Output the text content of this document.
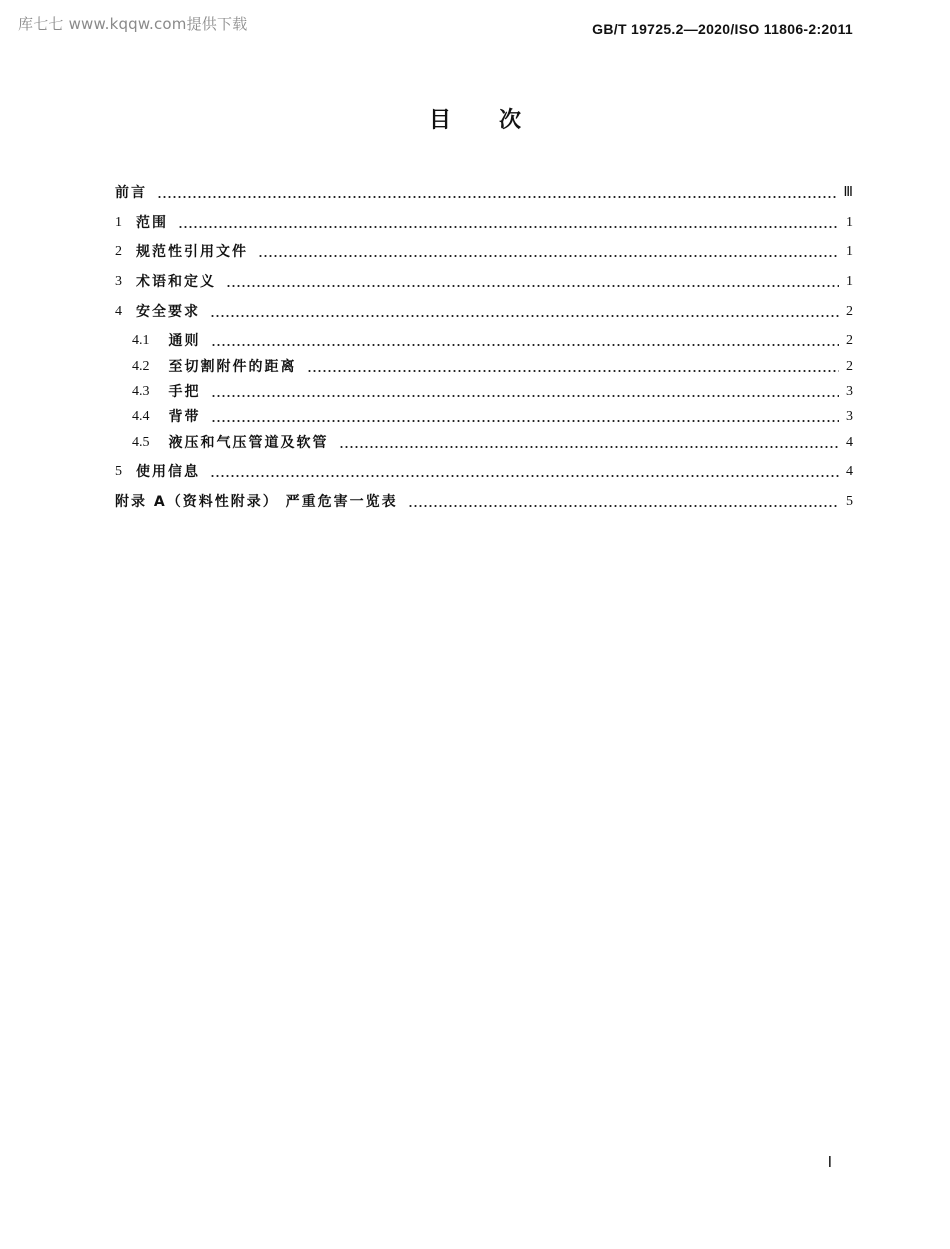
库七七 www.kqqw.com提供下载	GB/T 19725.2—2020/ISO 11806-2:2011
目次
前言	Ⅲ
1 范围	1
2 规范性引用文件	1
3 术语和定义	1
4 安全要求	2
4.1 通则	2
4.2 至切割附件的距离	2
4.3 手把	3
4.4 背带	3
4.5 液压和气压管道及软管	4
5 使用信息	4
附录 A（资料性附录） 严重危害一览表	5
Ⅰ
